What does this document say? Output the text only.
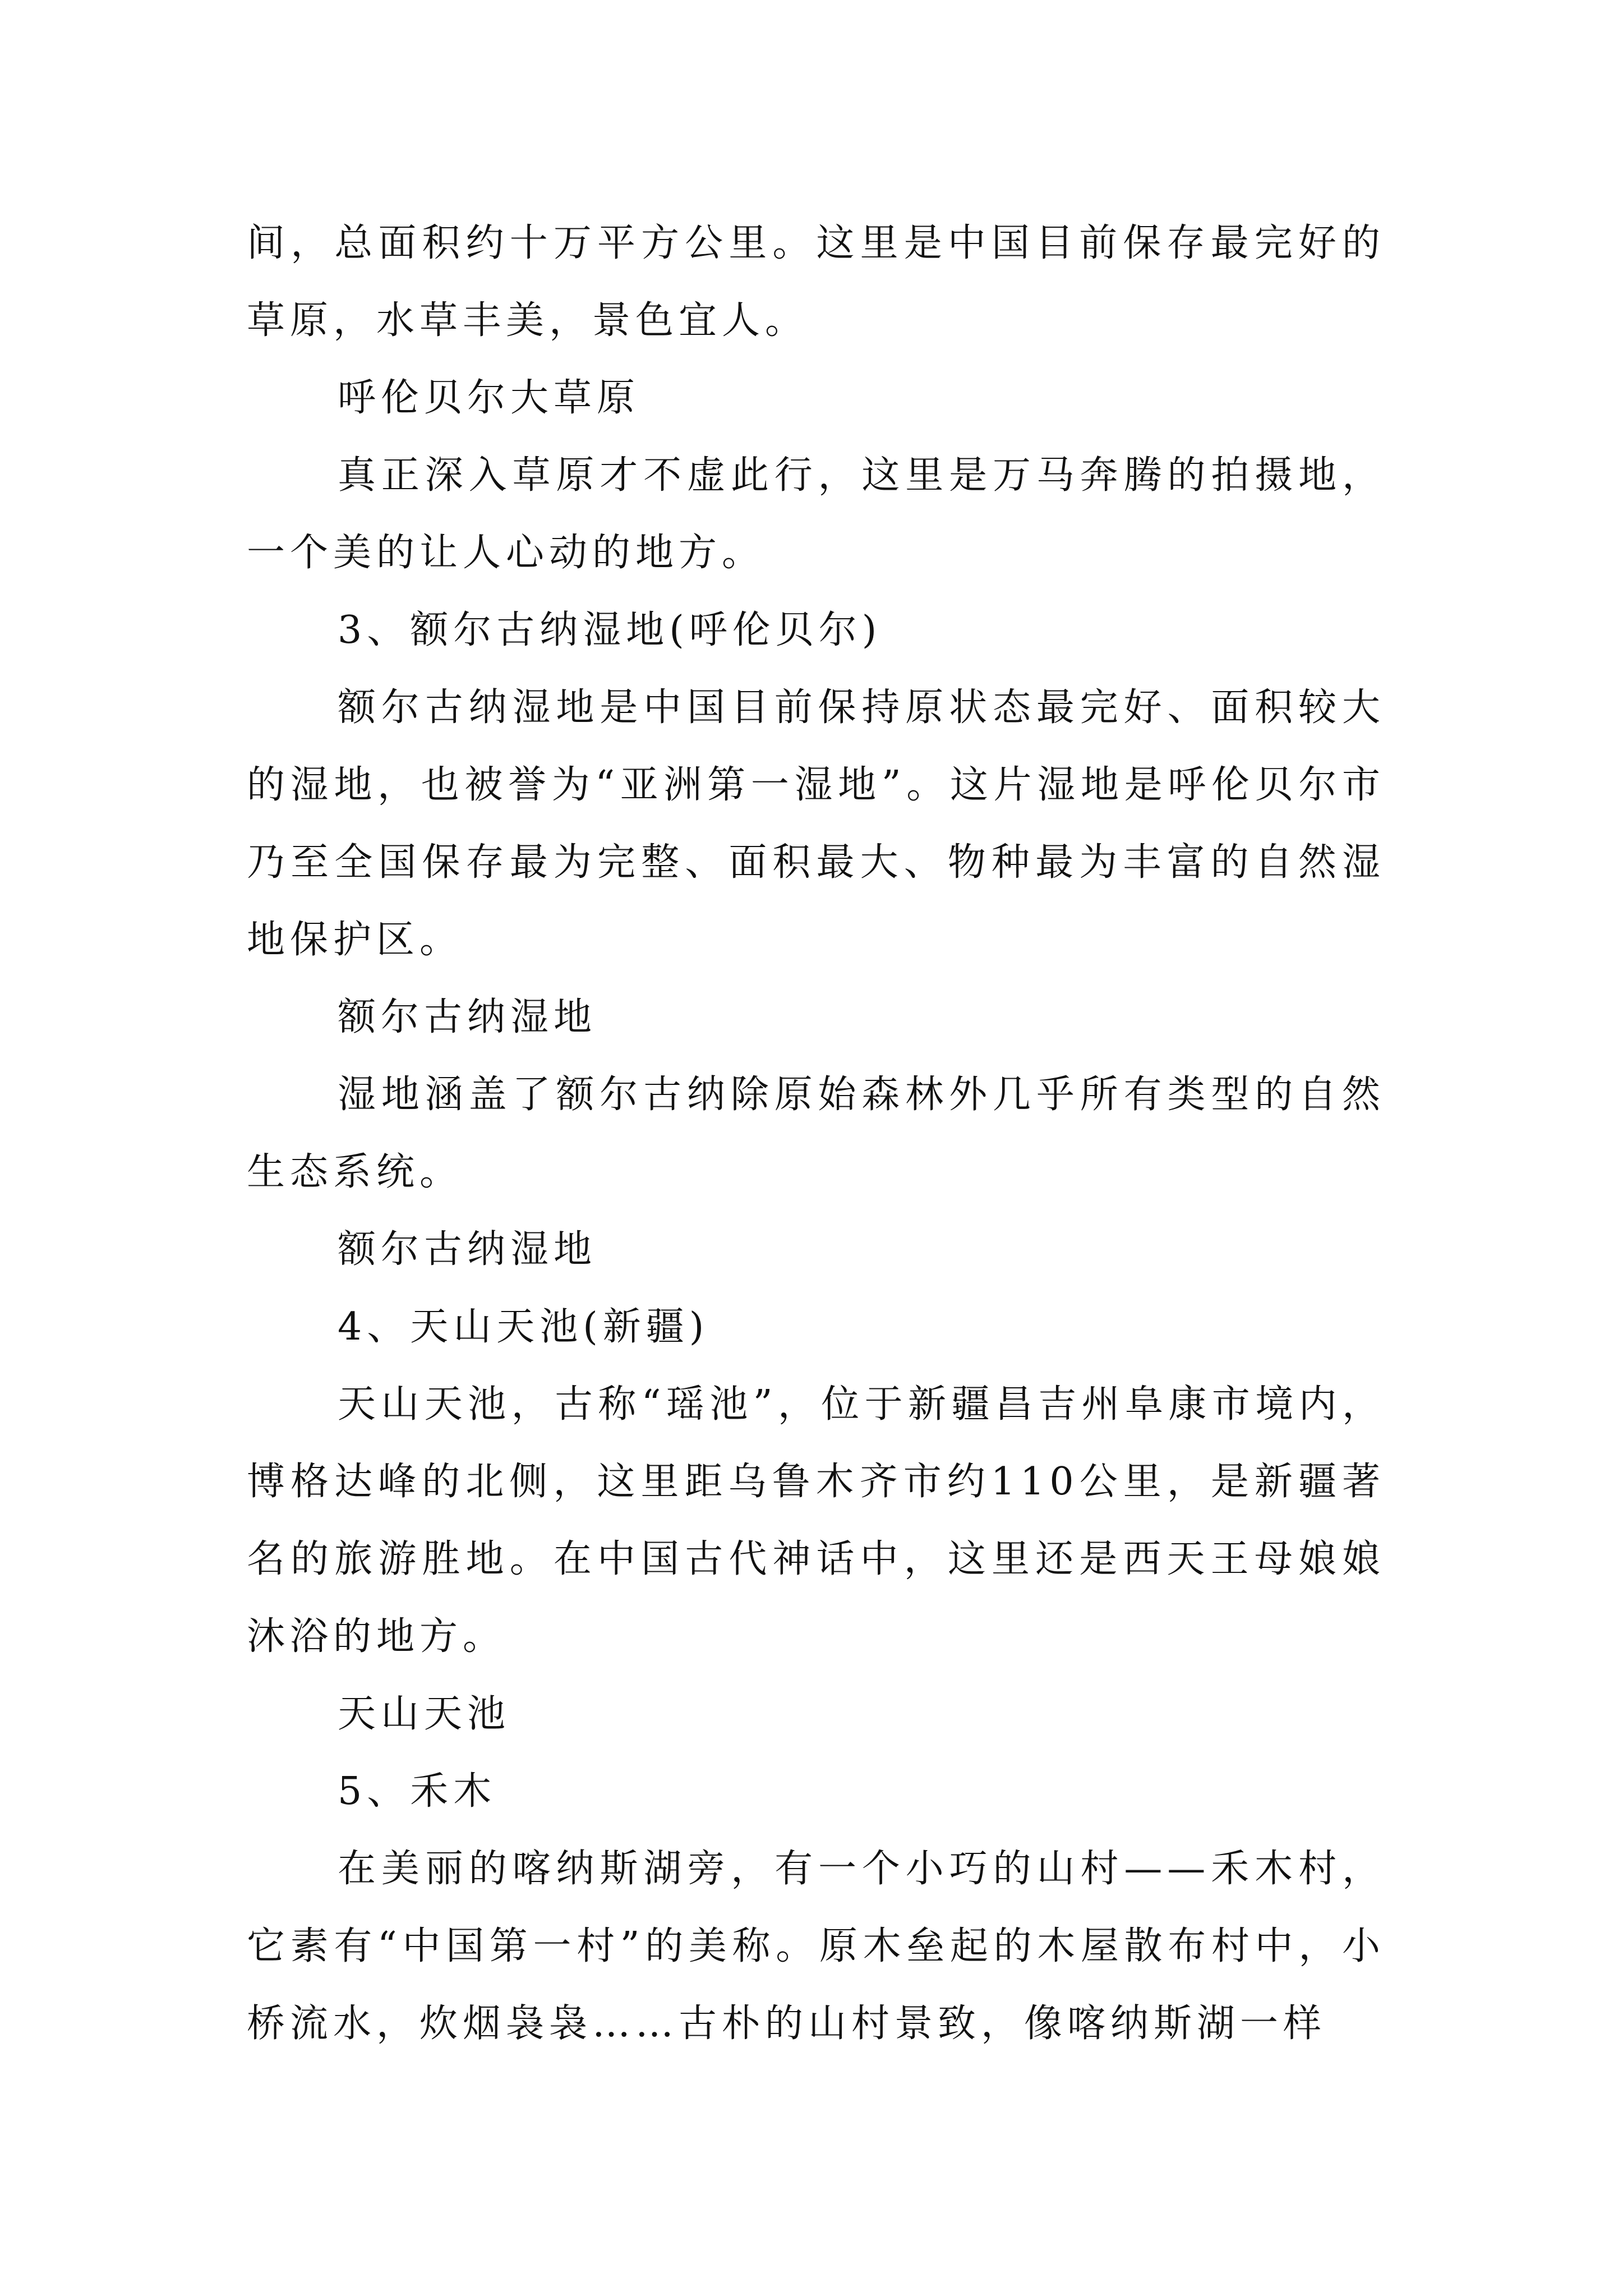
间，总面积约十万平方公里。这里是中国目前保存最完好的草原，水草丰美，景色宜人。

呼伦贝尔大草原

真正深入草原才不虚此行，这里是万马奔腾的拍摄地，一个美的让人心动的地方。

3、额尔古纳湿地(呼伦贝尔)

额尔古纳湿地是中国目前保持原状态最完好、面积较大的湿地，也被誉为“亚洲第一湿地”。这片湿地是呼伦贝尔市乃至全国保存最为完整、面积最大、物种最为丰富的自然湿地保护区。

额尔古纳湿地

湿地涵盖了额尔古纳除原始森林外几乎所有类型的自然生态系统。

额尔古纳湿地

4、天山天池(新疆)

天山天池，古称“瑶池”，位于新疆昌吉州阜康市境内，博格达峰的北侧，这里距乌鲁木齐市约110公里，是新疆著名的旅游胜地。在中国古代神话中，这里还是西天王母娘娘沐浴的地方。

天山天池

5、禾木

在美丽的喀纳斯湖旁，有一个小巧的山村——禾木村，它素有“中国第一村”的美称。原木垒起的木屋散布村中，小桥流水，炊烟袅袅……古朴的山村景致，像喀纳斯湖一样
